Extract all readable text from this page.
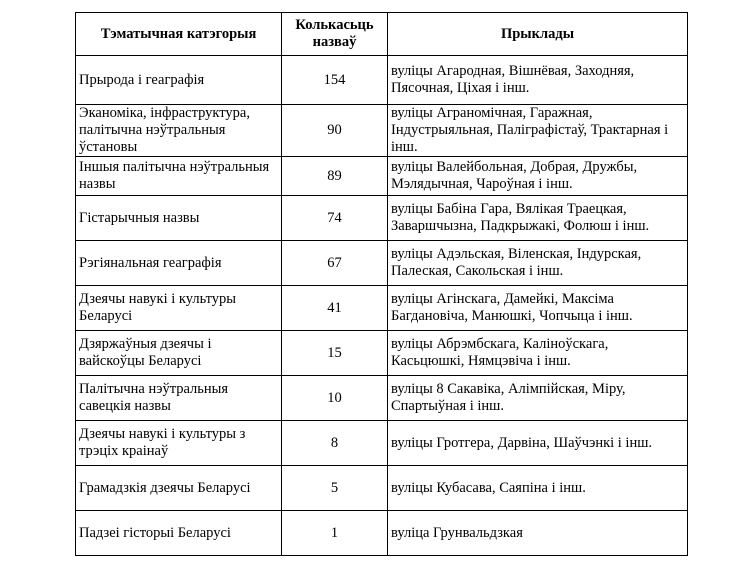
Тэматычная катэгорыя	Колькасьць назваў	Прыклады
Прырода і геаграфія	154	вуліцы Агародная, Вішнёвая, Заходняя, Пясочная, Ціхая і інш.
Эканоміка, інфраструктура, палітычна нэўтральныя ўстановы	90	вуліцы Аграномічная, Гаражная, Індустрыяльная, Паліграфістаў, Трактарная і інш.
Іншыя палітычна нэўтральныя назвы	89	вуліцы Валейбольная, Добрая, Дружбы, Мэлядычная, Чароўная і інш.
Гістарычныя назвы	74	вуліцы Бабіна Гара, Вялікая Траецкая, Заваршчызна, Падкрыжакі, Фолюш і інш.
Рэгіянальная геаграфія	67	вуліцы Адэльская, Віленская, Індурская, Палеская, Сакольская і інш.
Дзеячы навукі і культуры Беларусі	41	вуліцы Агінскага, Дамейкі, Максіма Багдановіча, Манюшкі, Чопчыца і інш.
Дзяржаўныя дзеячы і вайскоўцы Беларусі	15	вуліцы Абрэмбскага, Каліноўскага, Касьцюшкі, Нямцэвіча і інш.
Палітычна нэўтральныя савецкія назвы	10	вуліцы 8 Сакавіка, Алімпійская, Міру, Спартыўная і інш.
Дзеячы навукі і культуры з трэціх краінаў	8	вуліцы Гротгера, Дарвіна, Шаўчэнкі і інш.
Грамадзкія дзеячы Беларусі	5	вуліцы Кубасава, Саяпіна і інш.
Падзеі гісторыі Беларусі	1	вуліца Грунвальдзкая
